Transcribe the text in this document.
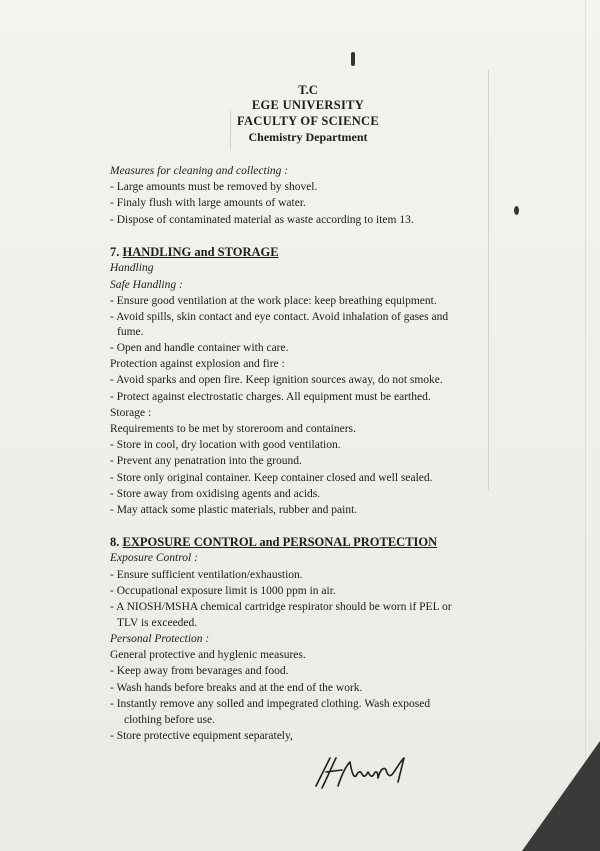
T.C
EGE UNIVERSITY
FACULTY OF SCIENCE
Chemistry Department
Measures for cleaning and collecting :
- Large amounts must be removed by shovel.
- Finaly flush with large amounts of water.
- Dispose of contaminated material as waste according to item 13.
7. HANDLING and STORAGE
Handling
Safe Handling :
- Ensure good ventilation at the work place: keep breathing equipment.
- Avoid spills, skin contact and eye contact. Avoid inhalation of gases and
fume.
- Open and handle container with care.
Protection against explosion and fire :
- Avoid sparks and open fire. Keep ignition sources away, do not smoke.
- Protect against electrostatic charges. All equipment must be earthed.
Storage :
Requirements to be met by storeroom and containers.
- Store in cool, dry location with good ventilation.
- Prevent any penatration into the ground.
- Store only original container. Keep container closed and well sealed.
- Store away from oxidising agents and acids.
- May attack some plastic materials, rubber and paint.
8. EXPOSURE CONTROL and PERSONAL PROTECTION
Exposure Control :
- Ensure sufficient ventilation/exhaustion.
- Occupational exposure limit is 1000 ppm in air.
- A NIOSH/MSHA chemical cartridge respirator should be worn if PEL or
TLV is exceeded.
Personal Protection :
General protective and hyglenic measures.
- Keep away from bevarages and food.
- Wash hands before breaks and at the end of the work.
- Instantly remove any solled and impegrated clothing. Wash exposed
clothing before use.
- Store protective equipment separately,
